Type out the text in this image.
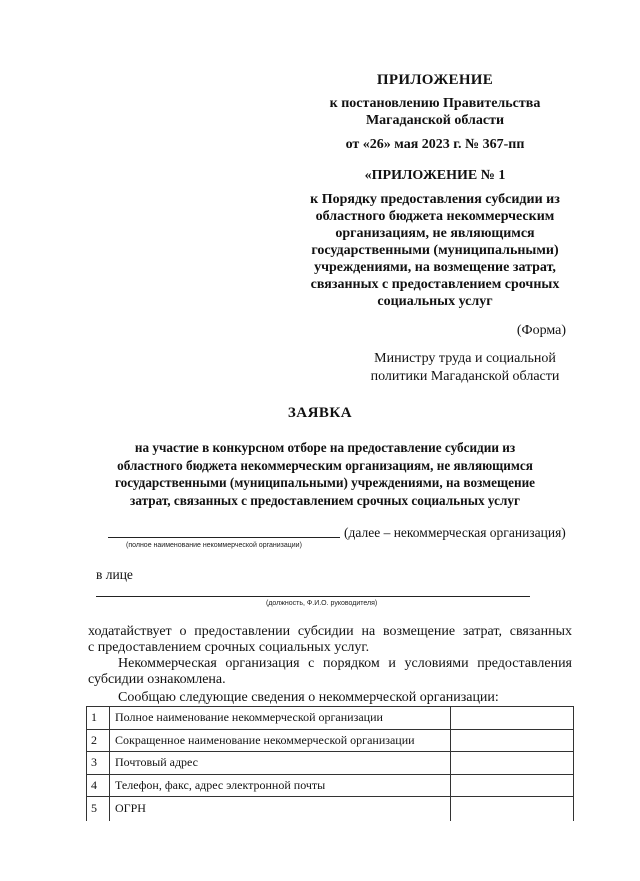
ПРИЛОЖЕНИЕ
к постановлению Правительства
Магаданской области
от «26» мая 2023 г. № 367-пп
«ПРИЛОЖЕНИЕ № 1
к Порядку предоставления субсидии из
областного бюджета некоммерческим
организациям, не являющимся
государственными (муниципальными)
учреждениями, на возмещение затрат,
связанных с предоставлением срочных
социальных услуг
(Форма)
Министру труда и социальной
политики Магаданской области
ЗАЯВКА
на участие в конкурсном отборе на предоставление субсидии из
областного бюджета некоммерческим организациям, не являющимся
государственными (муниципальными) учреждениями, на возмещение
затрат, связанных с предоставлением срочных социальных услуг
(далее – некоммерческая организация)
(полное наименование некоммерческой организации)
в лице
(должность, Ф.И.О. руководителя)
ходатайствует о предоставлении субсидии на возмещение затрат, связанных
с предоставлением срочных социальных услуг.
Некоммерческая организация с порядком и условиями предоставления
субсидии ознакомлена.
Сообщаю следующие сведения о некоммерческой организации:
1	Полное наименование некоммерческой организации	
2	Сокращенное наименование некоммерческой организации	
3	Почтовый адрес	
4	Телефон, факс, адрес электронной почты	
5	ОГРН	
